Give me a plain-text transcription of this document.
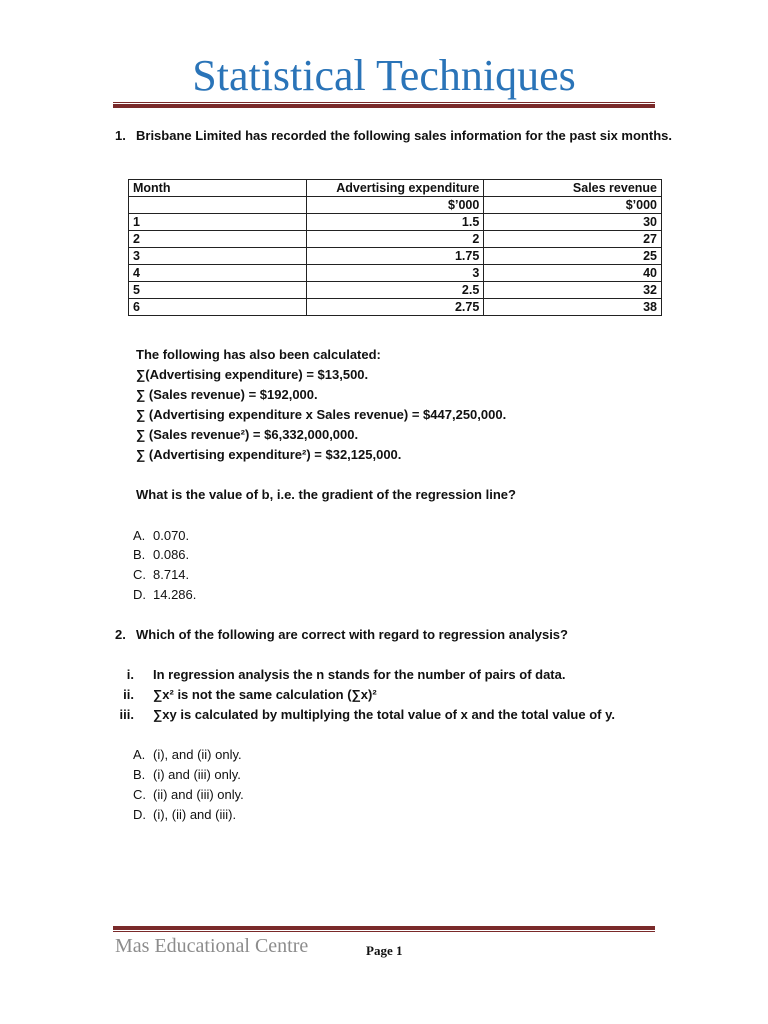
Statistical Techniques
1. Brisbane Limited has recorded the following sales information for the past six months.
Month	Advertising expenditure	Sales revenue
	$’000	$’000
1	1.5	30
2	2	27
3	1.75	25
4	3	40
5	2.5	32
6	2.75	38
The following has also been calculated:
∑(Advertising expenditure) = $13,500.
∑ (Sales revenue) = $192,000.
∑ (Advertising expenditure x Sales revenue) = $447,250,000.
∑ (Sales revenue²) = $6,332,000,000.
∑ (Advertising expenditure²) = $32,125,000.
What is the value of b, i.e. the gradient of the regression line?
A. 0.070.
B. 0.086.
C. 8.714.
D. 14.286.
2. Which of the following are correct with regard to regression analysis?
i. In regression analysis the n stands for the number of pairs of data.
ii. ∑x² is not the same calculation (∑x)²
iii. ∑xy is calculated by multiplying the total value of x and the total value of y.
A. (i), and (ii) only.
B. (i) and (iii) only.
C. (ii) and (iii) only.
D. (i), (ii) and (iii).
Mas Educational Centre	Page 1
